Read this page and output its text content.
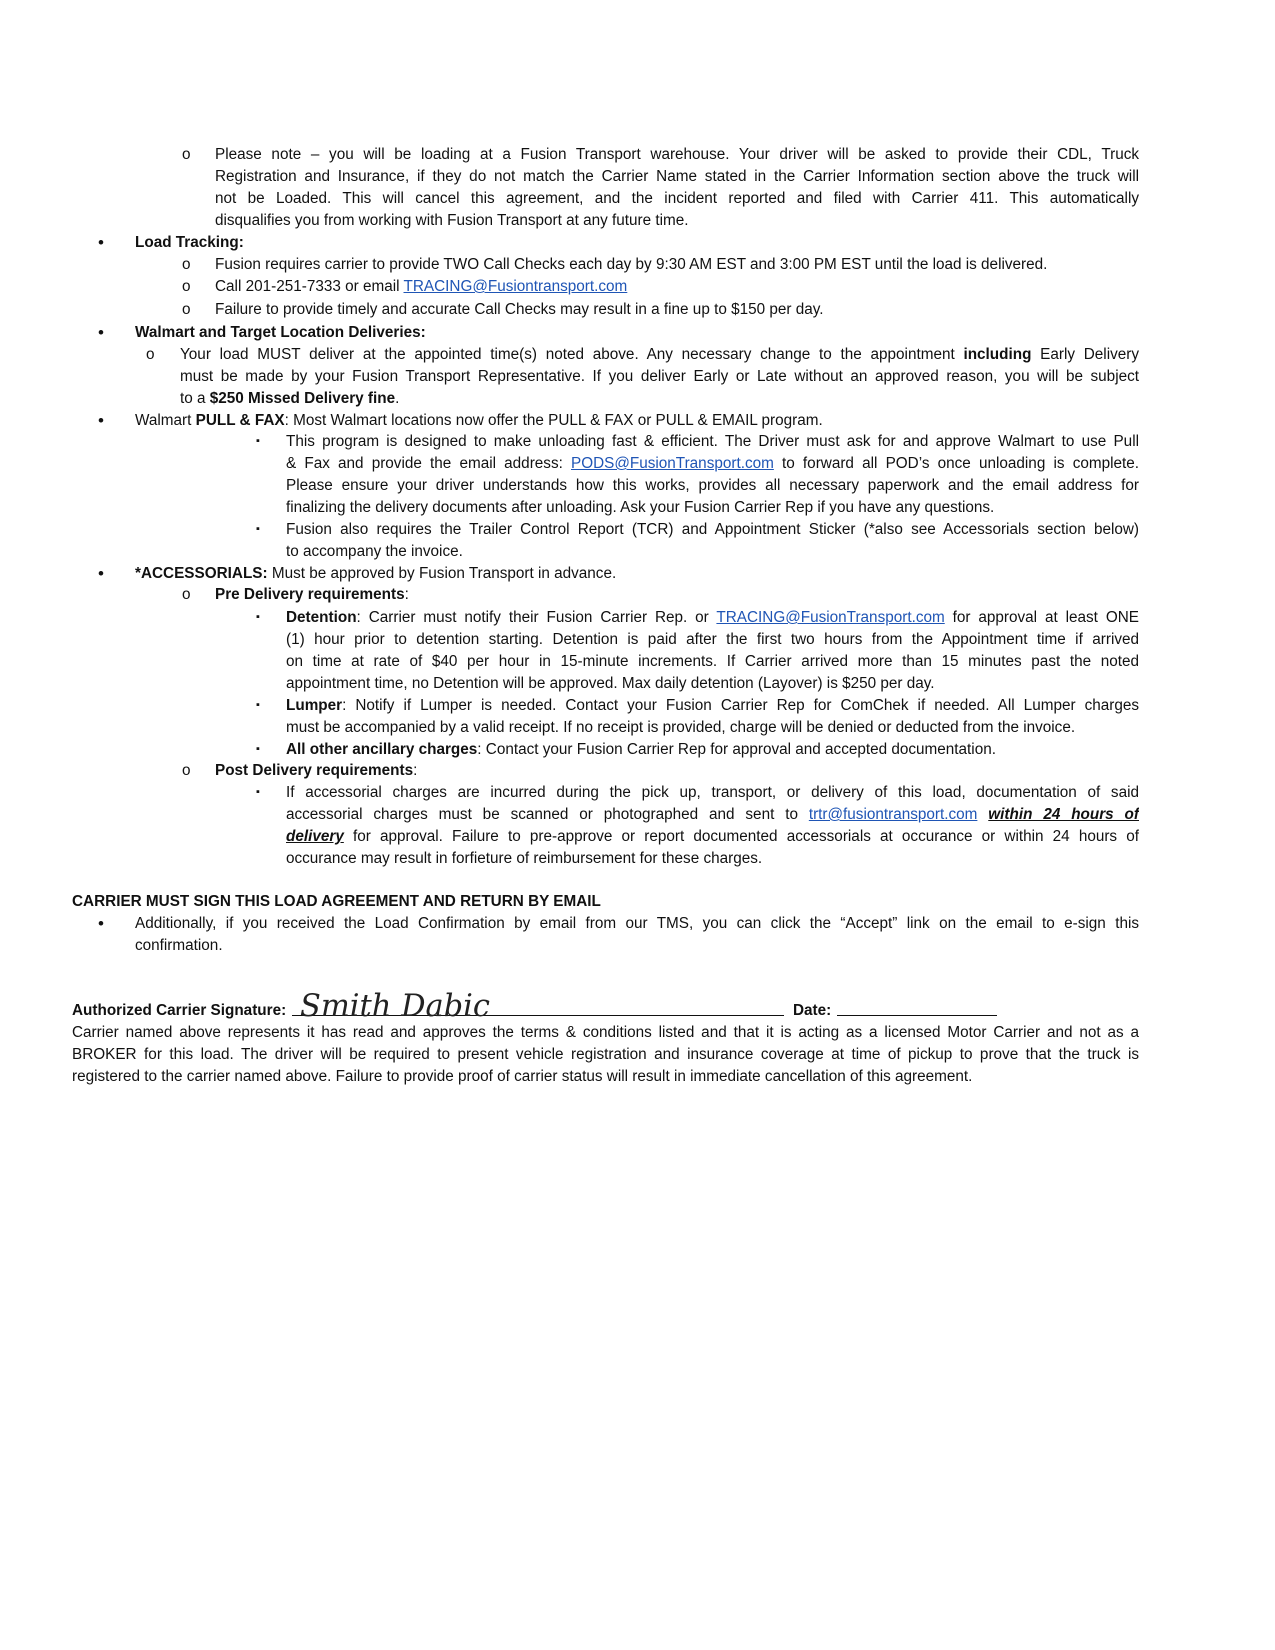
o Please note – you will be loading at a Fusion Transport warehouse. Your driver will be asked to provide their CDL, Truck
Registration and Insurance, if they do not match the Carrier Name stated in the Carrier Information section above the truck will
not be Loaded. This will cancel this agreement, and the incident reported and filed with Carrier 411. This automatically
disqualifies you from working with Fusion Transport at any future time.
• Load Tracking:
o Fusion requires carrier to provide TWO Call Checks each day by 9:30 AM EST and 3:00 PM EST until the load is delivered.
o Call 201-251-7333 or email TRACING@Fusiontransport.com
o Failure to provide timely and accurate Call Checks may result in a fine up to $150 per day.
• Walmart and Target Location Deliveries:
o Your load MUST deliver at the appointed time(s) noted above. Any necessary change to the appointment including Early Delivery
must be made by your Fusion Transport Representative. If you deliver Early or Late without an approved reason, you will be subject
to a $250 Missed Delivery fine.
• Walmart PULL & FAX: Most Walmart locations now offer the PULL & FAX or PULL & EMAIL program.
▪ This program is designed to make unloading fast & efficient. The Driver must ask for and approve Walmart to use Pull
& Fax and provide the email address: PODS@FusionTransport.com to forward all POD’s once unloading is complete.
Please ensure your driver understands how this works, provides all necessary paperwork and the email address for
finalizing the delivery documents after unloading. Ask your Fusion Carrier Rep if you have any questions.
▪ Fusion also requires the Trailer Control Report (TCR) and Appointment Sticker (*also see Accessorials section below)
to accompany the invoice.
• *ACCESSORIALS: Must be approved by Fusion Transport in advance.
o Pre Delivery requirements:
▪ Detention: Carrier must notify their Fusion Carrier Rep. or TRACING@FusionTransport.com for approval at least ONE
(1) hour prior to detention starting. Detention is paid after the first two hours from the Appointment time if arrived
on time at rate of $40 per hour in 15-minute increments. If Carrier arrived more than 15 minutes past the noted
appointment time, no Detention will be approved. Max daily detention (Layover) is $250 per day.
▪ Lumper: Notify if Lumper is needed. Contact your Fusion Carrier Rep for ComChek if needed. All Lumper charges
must be accompanied by a valid receipt. If no receipt is provided, charge will be denied or deducted from the invoice.
▪ All other ancillary charges: Contact your Fusion Carrier Rep for approval and accepted documentation.
o Post Delivery requirements:
▪ If accessorial charges are incurred during the pick up, transport, or delivery of this load, documentation of said
accessorial charges must be scanned or photographed and sent to trtr@fusiontransport.com within 24 hours of
delivery for approval. Failure to pre-approve or report documented accessorials at occurance or within 24 hours of
occurance may result in forfieture of reimbursement for these charges.
CARRIER MUST SIGN THIS LOAD AGREEMENT AND RETURN BY EMAIL
• Additionally, if you received the Load Confirmation by email from our TMS, you can click the “Accept” link on the email to e-sign this
confirmation.
Authorized Carrier Signature:	Date:
Smith Dabic
Carrier named above represents it has read and approves the terms & conditions listed and that it is acting as a licensed Motor Carrier and not as a
BROKER for this load. The driver will be required to present vehicle registration and insurance coverage at time of pickup to prove that the truck is
registered to the carrier named above. Failure to provide proof of carrier status will result in immediate cancellation of this agreement.
